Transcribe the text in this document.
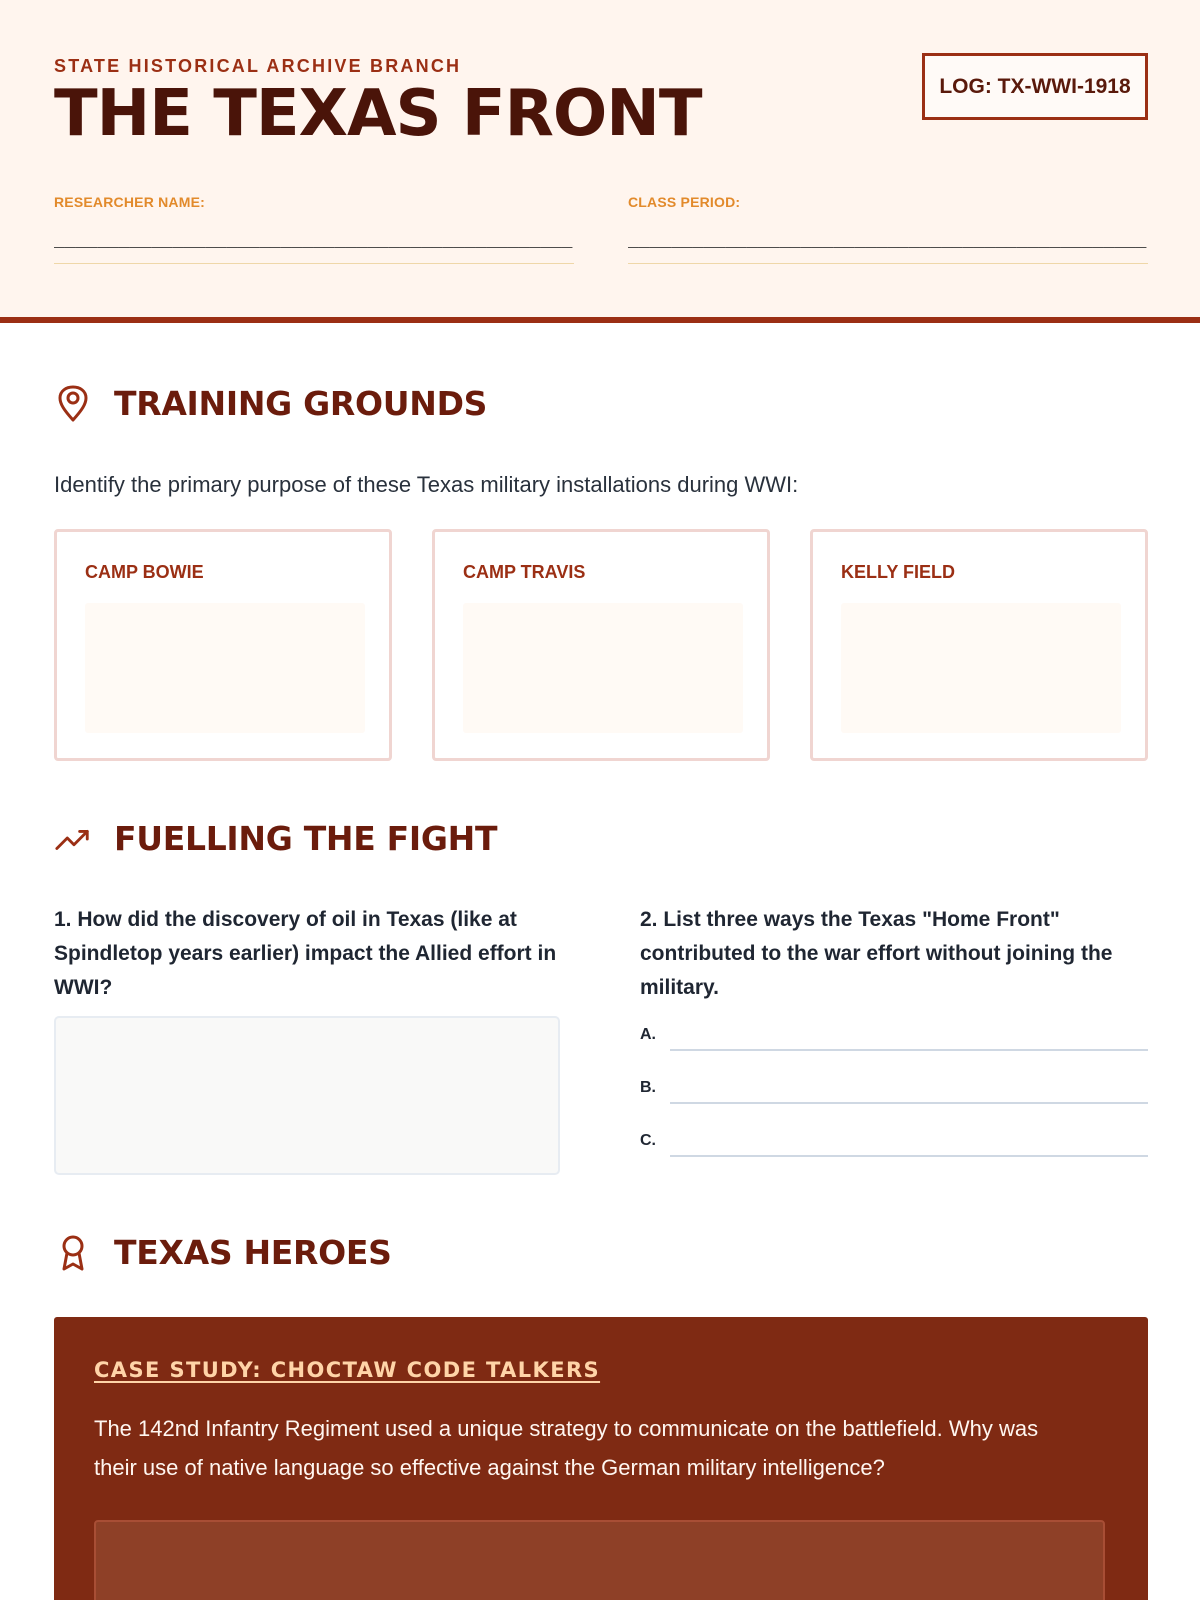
STATE HISTORICAL ARCHIVE BRANCH
THE TEXAS FRONT	LOG: TX-WWI-1918
RESEARCHER NAME:
________________________________________________
CLASS PERIOD:
________________________________________________
TRAINING GROUNDS
Identify the primary purpose of these Texas military installations during WWI:
CAMP BOWIE	CAMP TRAVIS	KELLY FIELD
FUELLING THE FIGHT
1. How did the discovery of oil in Texas (like at Spindletop years earlier) impact the Allied effort in WWI?
2. List three ways the Texas "Home Front" contributed to the war effort without joining the military.
A.
B.
C.
TEXAS HEROES
CASE STUDY: CHOCTAW CODE TALKERS
The 142nd Infantry Regiment used a unique strategy to communicate on the battlefield. Why was their use of native language so effective against the German military intelligence?
